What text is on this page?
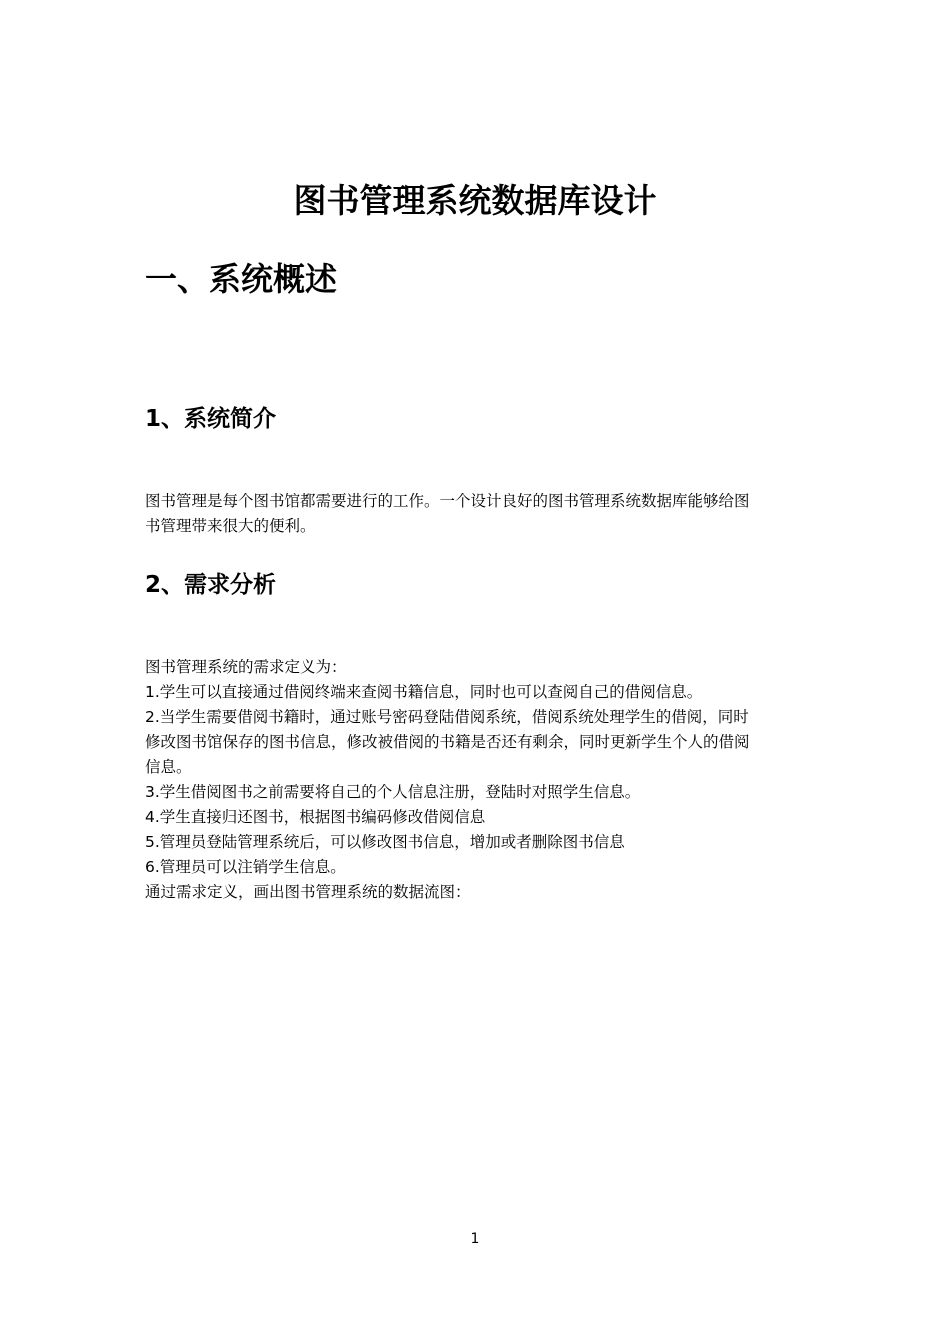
图书管理系统数据库设计
一、系统概述
1、系统简介
图书管理是每个图书馆都需要进行的工作。一个设计良好的图书管理系统数据库能够给图
书管理带来很大的便利。
2、需求分析
图书管理系统的需求定义为：
1.学生可以直接通过借阅终端来查阅书籍信息，同时也可以查阅自己的借阅信息。
2.当学生需要借阅书籍时，通过账号密码登陆借阅系统，借阅系统处理学生的借阅，同时
修改图书馆保存的图书信息，修改被借阅的书籍是否还有剩余，同时更新学生个人的借阅
信息。
3.学生借阅图书之前需要将自己的个人信息注册，登陆时对照学生信息。
4.学生直接归还图书，根据图书编码修改借阅信息
5.管理员登陆管理系统后，可以修改图书信息，增加或者删除图书信息
6.管理员可以注销学生信息。
通过需求定义，画出图书管理系统的数据流图：
1
